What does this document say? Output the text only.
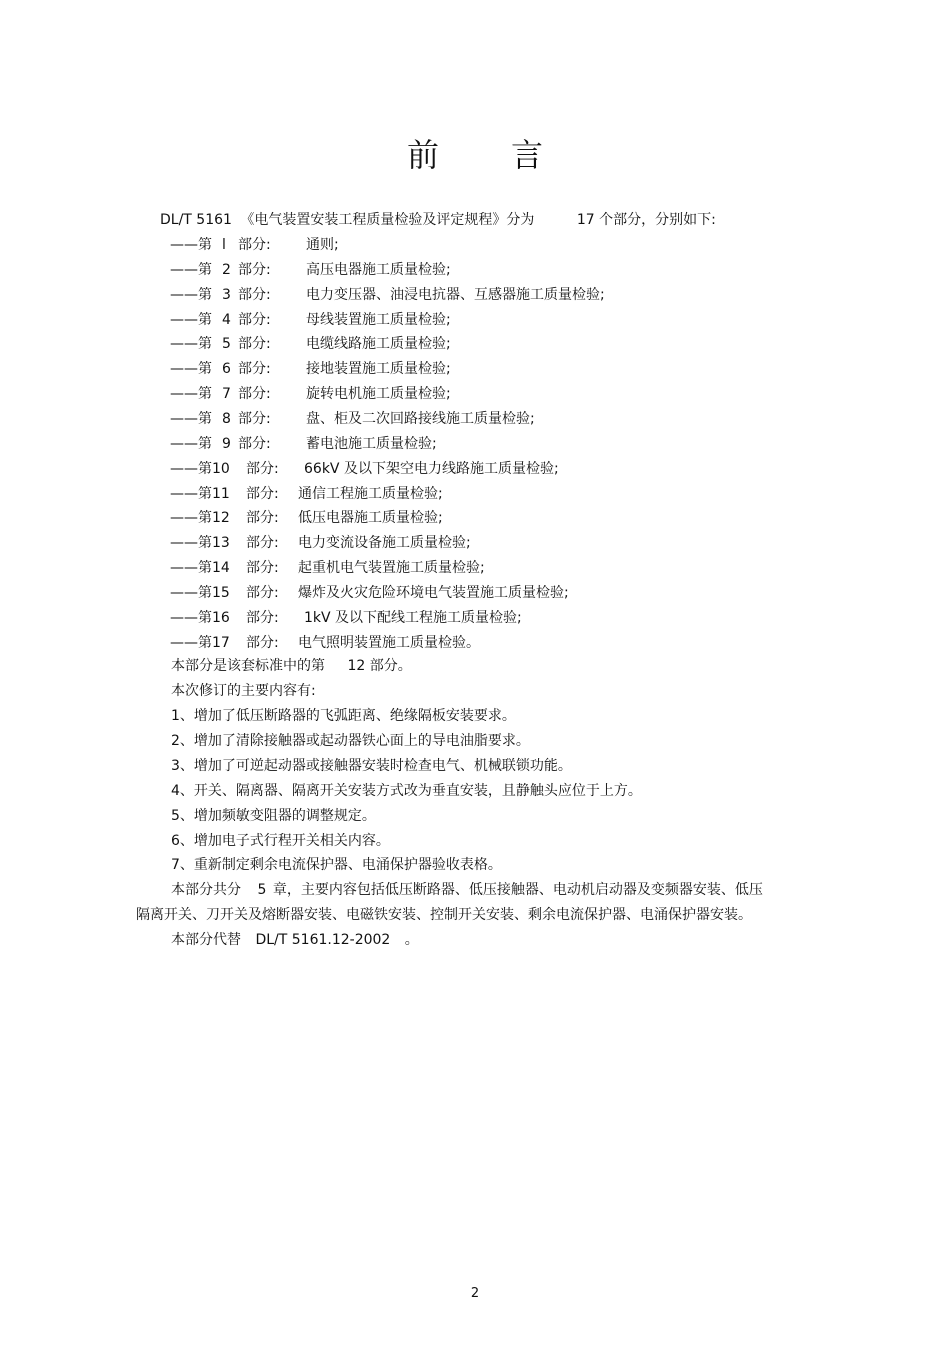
前 言
DL/T 5161 《电气装置安装工程质量检验及评定规程》分为	17 个部分，分别如下:
——第 l 部分:	通则;
——第 2 部分:	高压电器施工质量检验;
——第 3 部分:	电力变压器、油浸电抗器、互感器施工质量检验;
——第 4 部分:	母线装置施工质量检验;
——第 5 部分:	电缆线路施工质量检验;
——第 6 部分:	接地装置施工质量检验;
——第 7 部分:	旋转电机施工质量检验;
——第 8 部分:	盘、柜及二次回路接线施工质量检验;
——第 9 部分:	蓄电池施工质量检验;
——第10 部分: 66kV 及以下架空电力线路施工质量检验;
——第11 部分: 通信工程施工质量检验;
——第12 部分: 低压电器施工质量检验;
——第13 部分: 电力变流设备施工质量检验;
——第14 部分: 起重机电气装置施工质量检验;
——第15 部分: 爆炸及火灾危险环境电气装置施工质量检验;
——第16 部分: 1kV 及以下配线工程施工质量检验;
——第17 部分: 电气照明装置施工质量检验。
本部分是该套标准中的第 12 部分。
本次修订的主要内容有:
1、增加了低压断路器的飞弧距离、绝缘隔板安装要求。
2、增加了清除接触器或起动器铁心面上的导电油脂要求。
3、增加了可逆起动器或接触器安装时检查电气、机械联锁功能。
4、开关、隔离器、隔离开关安装方式改为垂直安装，且静触头应位于上方。
5、增加频敏变阻器的调整规定。
6、增加电子式行程开关相关内容。
7、重新制定剩余电流保护器、电涌保护器验收表格。
本部分共分 5 章，主要内容包括低压断路器、低压接触器、电动机启动器及变频器安装、低压
隔离开关、刀开关及熔断器安装、电磁铁安装、控制开关安装、剩余电流保护器、电涌保护器安装。
本部分代替 DL/T 5161.12-2002 。
2
